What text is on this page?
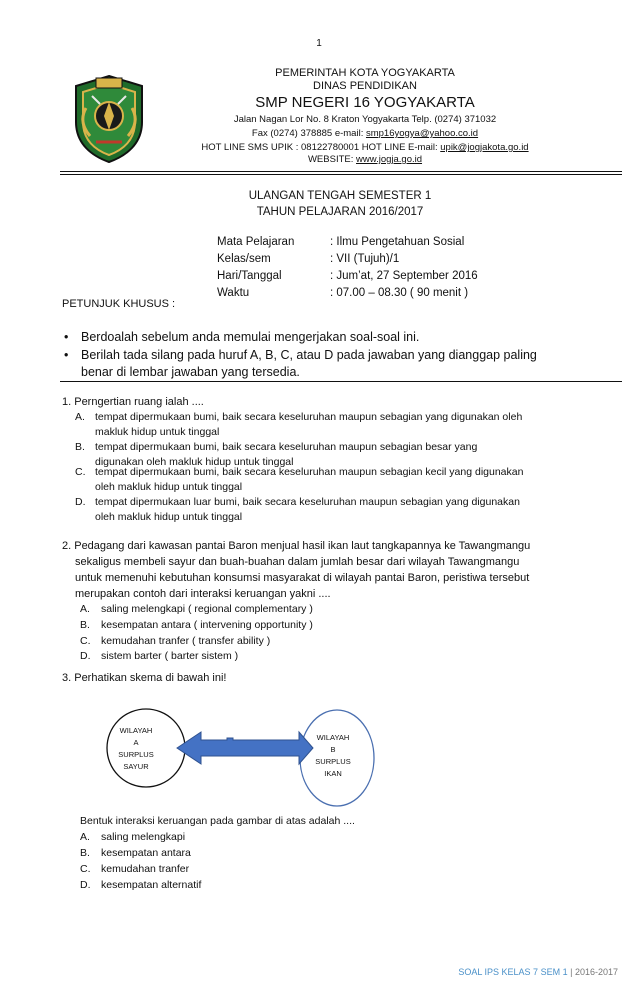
1
PEMERINTAH KOTA YOGYAKARTA
DINAS PENDIDIKAN
SMP NEGERI 16 YOGYAKARTA
Jalan Nagan Lor No. 8 Kraton Yogyakarta Telp. (0274) 371032
Fax (0274) 378885 e-mail: smp16yogya@yahoo.co.id
HOT LINE SMS UPIK : 08122780001 HOT LINE E-mail: upik@jogjakota.go.id
WEBSITE: www.jogja.go.id
ULANGAN TENGAH SEMESTER 1
TAHUN PELAJARAN 2016/2017
Mata Pelajaran	: Ilmu Pengetahuan Sosial
Kelas/sem	: VII (Tujuh)/1
Hari/Tanggal	: Jum’at, 27 September 2016
Waktu	: 07.00 – 08.30 ( 90 menit )
PETUNJUK KHUSUS :
• Berdoalah sebelum anda memulai mengerjakan soal-soal ini.
• Berilah tada silang pada huruf A, B, C, atau D pada jawaban yang dianggap paling
benar di lembar jawaban yang tersedia.
1. Perngertian ruang ialah ....
A. tempat dipermukaan bumi, baik secara keseluruhan maupun sebagian yang digunakan oleh
makluk hidup untuk tinggal
B. tempat dipermukaan bumi, baik secara keseluruhan maupun sebagian besar yang
digunakan oleh makluk hidup untuk tinggal
C. tempat dipermukaan bumi, baik secara keseluruhan maupun sebagian kecil yang digunakan
oleh makluk hidup untuk tinggal
D. tempat dipermukaan luar bumi, baik secara keseluruhan maupun sebagian yang digunakan
oleh makluk hidup untuk tinggal
2. Pedagang dari kawasan pantai Baron menjual hasil ikan laut tangkapannya ke Tawangmangu
sekaligus membeli sayur dan buah-buahan dalam jumlah besar dari wilayah Tawangmangu
untuk memenuhi kebutuhan konsumsi masyarakat di wilayah pantai Baron, peristiwa tersebut
merupakan contoh dari interaksi keruangan yakni ....
A. saling melengkapi ( regional complementary )
B. kesempatan antara ( intervening opportunity )
C. kemudahan tranfer ( transfer ability )
D. sistem barter ( barter sistem )
3. Perhatikan skema di bawah ini!
WILAYAH
A
SURPLUS
SAYUR
WILAYAH
B
SURPLUS
IKAN
Bentuk interaksi keruangan pada gambar di atas adalah ....
A. saling melengkapi
B. kesempatan antara
C. kemudahan tranfer
D. kesempatan alternatif
SOAL IPS KELAS 7 SEM 1 | 2016-2017
